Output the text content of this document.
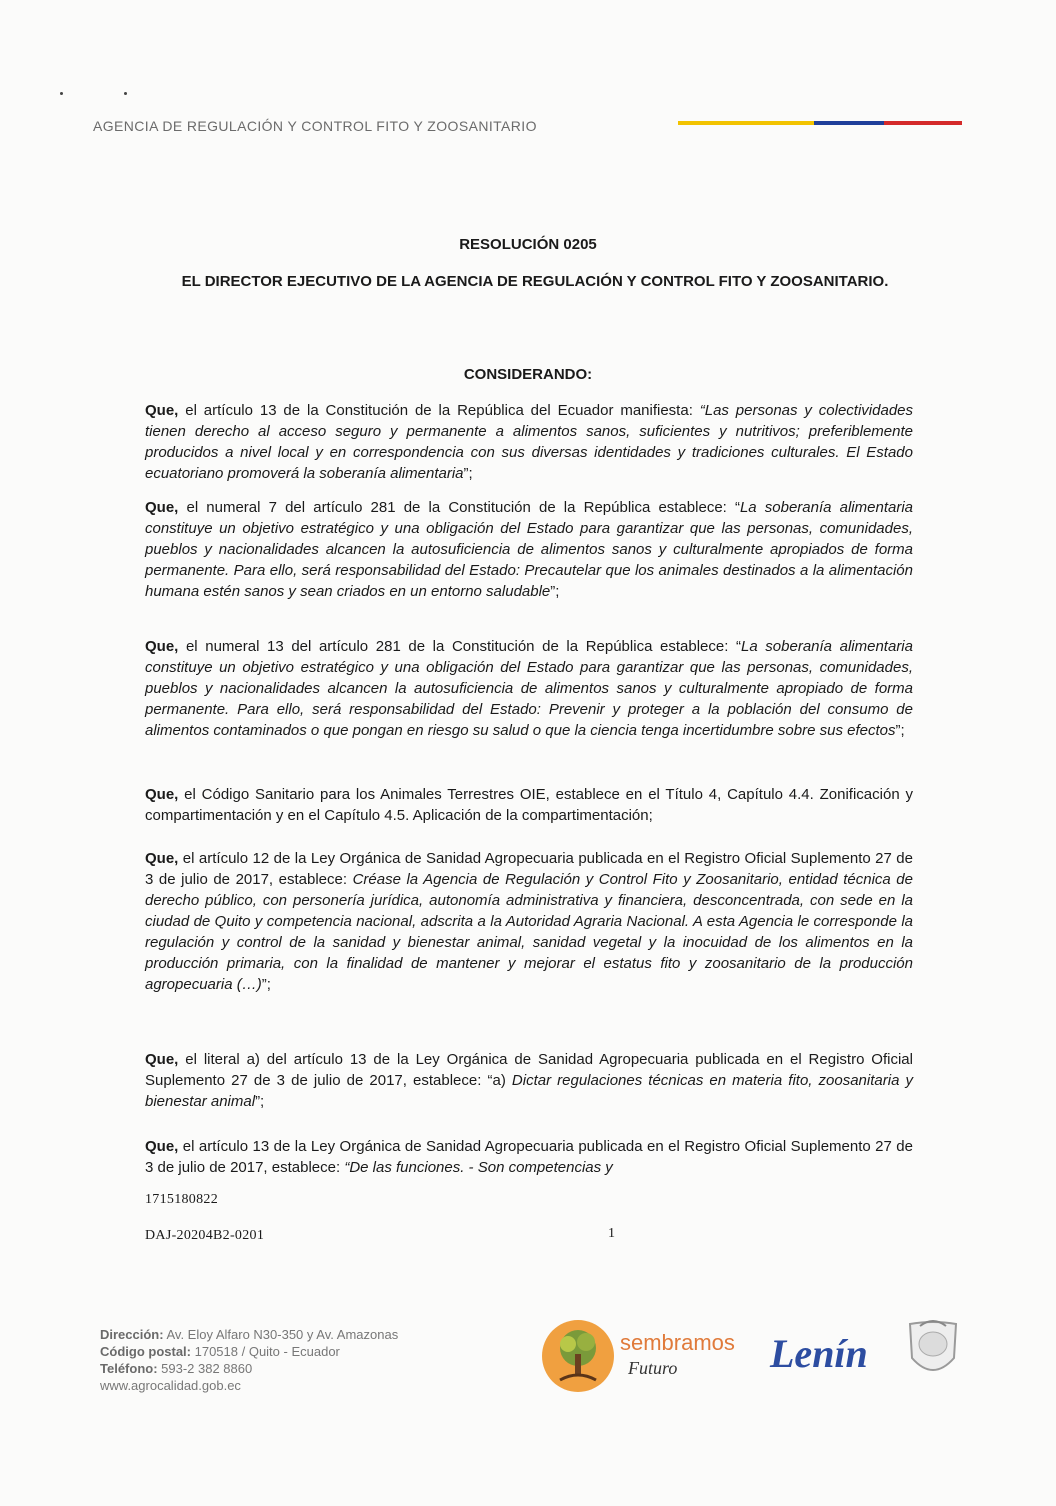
AGENCIA DE REGULACIÓN Y CONTROL FITO Y ZOOSANITARIO
RESOLUCIÓN 0205
EL DIRECTOR EJECUTIVO DE LA AGENCIA DE REGULACIÓN Y CONTROL FITO Y ZOOSANITARIO.
CONSIDERANDO:

Que, el artículo 13 de la Constitución de la República del Ecuador manifiesta: “Las personas y colectividades tienen derecho al acceso seguro y permanente a alimentos sanos, suficientes y nutritivos; preferiblemente producidos a nivel local y en correspondencia con sus diversas identidades y tradiciones culturales. El Estado ecuatoriano promoverá la soberanía alimentaria”;

Que, el numeral 7 del artículo 281 de la Constitución de la República establece: “La soberanía alimentaria constituye un objetivo estratégico y una obligación del Estado para garantizar que las personas, comunidades, pueblos y nacionalidades alcancen la autosuficiencia de alimentos sanos y culturalmente apropiados de forma permanente. Para ello, será responsabilidad del Estado: Precautelar que los animales destinados a la alimentación humana estén sanos y sean criados en un entorno saludable”;

Que, el numeral 13 del artículo 281 de la Constitución de la República establece: “La soberanía alimentaria constituye un objetivo estratégico y una obligación del Estado para garantizar que las personas, comunidades, pueblos y nacionalidades alcancen la autosuficiencia de alimentos sanos y culturalmente apropiado de forma permanente. Para ello, será responsabilidad del Estado: Prevenir y proteger a la población del consumo de alimentos contaminados o que pongan en riesgo su salud o que la ciencia tenga incertidumbre sobre sus efectos”;

Que, el Código Sanitario para los Animales Terrestres OIE, establece en el Título 4, Capítulo 4.4. Zonificación y compartimentación y en el Capítulo 4.5. Aplicación de la compartimentación;

Que, el artículo 12 de la Ley Orgánica de Sanidad Agropecuaria publicada en el Registro Oficial Suplemento 27 de 3 de julio de 2017, establece: Créase la Agencia de Regulación y Control Fito y Zoosanitario, entidad técnica de derecho público, con personería jurídica, autonomía administrativa y financiera, desconcentrada, con sede en la ciudad de Quito y competencia nacional, adscrita a la Autoridad Agraria Nacional. A esta Agencia le corresponde la regulación y control de la sanidad y bienestar animal, sanidad vegetal y la inocuidad de los alimentos en la producción primaria, con la finalidad de mantener y mejorar el estatus fito y zoosanitario de la producción agropecuaria (…)”;

Que, el literal a) del artículo 13 de la Ley Orgánica de Sanidad Agropecuaria publicada en el Registro Oficial Suplemento 27 de 3 de julio de 2017, establece: “a) Dictar regulaciones técnicas en materia fito, zoosanitaria y bienestar animal”;

Que, el artículo 13 de la Ley Orgánica de Sanidad Agropecuaria publicada en el Registro Oficial Suplemento 27 de 3 de julio de 2017, establece: “De las funciones. - Son competencias y

1715180822
DAJ-20204B2-0201	1
Dirección: Av. Eloy Alfaro N30-350 y Av. Amazonas
Código postal: 170518 / Quito - Ecuador
Teléfono: 593-2 382 8860
www.agrocalidad.gob.ec
sembramos
Futuro Lenín
